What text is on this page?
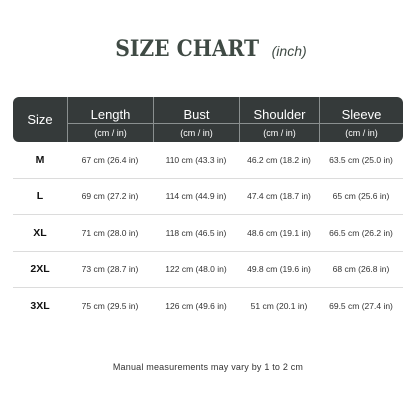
SIZE CHART (inch)
Size	Length	Bust	Shoulder	Sleeve
	(cm / in)	(cm / in)	(cm / in)	(cm / in)
M	67 cm (26.4 in)	110 cm (43.3 in)	46.2 cm (18.2 in)	63.5 cm (25.0 in)
L	69 cm (27.2 in)	114 cm (44.9 in)	47.4 cm (18.7 in)	65 cm (25.6 in)
XL	71 cm (28.0 in)	118 cm (46.5 in)	48.6 cm (19.1 in)	66.5 cm (26.2 in)
2XL	73 cm (28.7 in)	122 cm (48.0 in)	49.8 cm (19.6 in)	68 cm (26.8 in)
3XL	75 cm (29.5 in)	126 cm (49.6 in)	51 cm (20.1 in)	69.5 cm (27.4 in)
Manual measurements may vary by 1 to 2 cm
